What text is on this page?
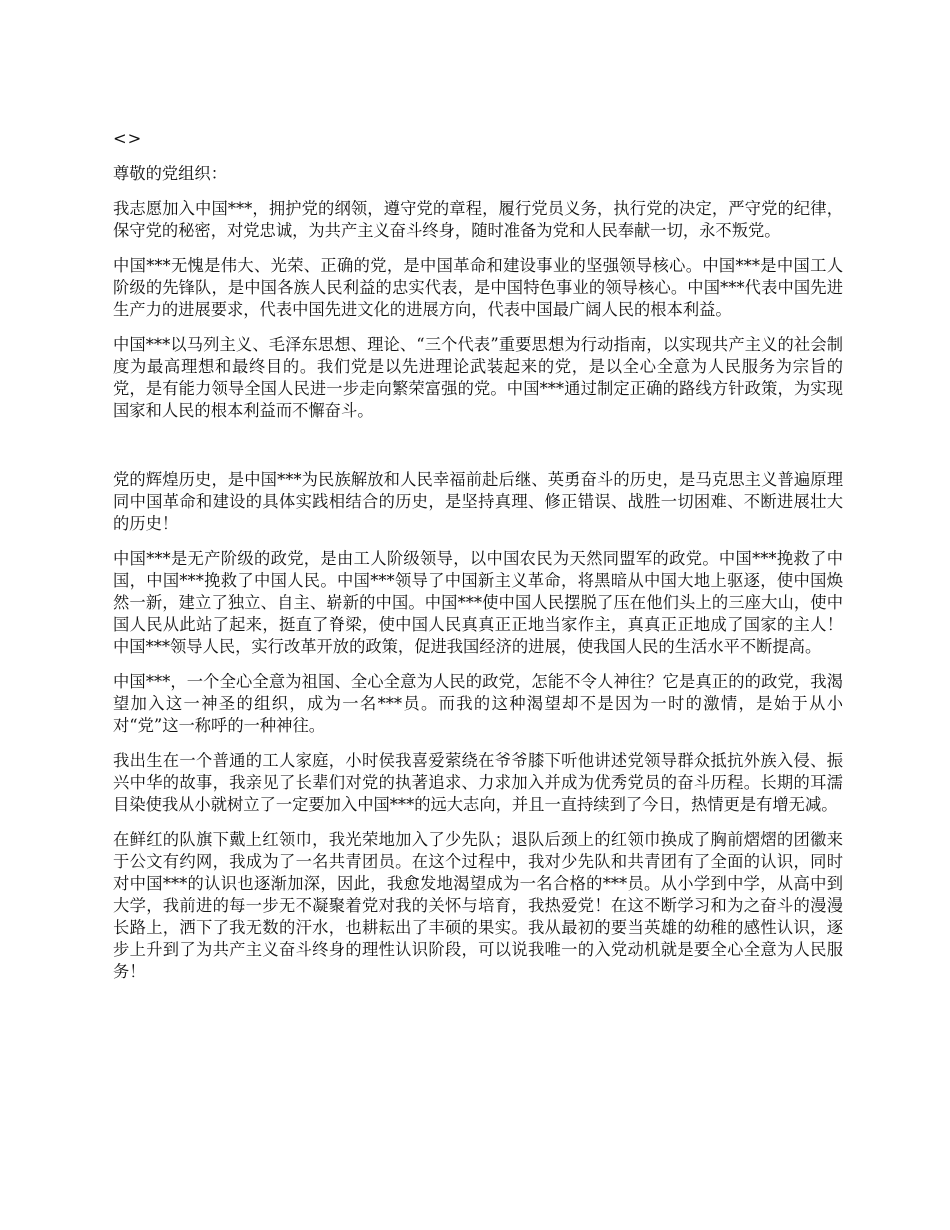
<>

尊敬的党组织：

我志愿加入中国***，拥护党的纲领，遵守党的章程，履行党员义务，执行党的决定，严守党的纪律，保守党的秘密，对党忠诚，为共产主义奋斗终身，随时准备为党和人民奉献一切，永不叛党。

中国***无愧是伟大、光荣、正确的党，是中国革命和建设事业的坚强领导核心。中国***是中国工人阶级的先锋队，是中国各族人民利益的忠实代表，是中国特色事业的领导核心。中国***代表中国先进生产力的进展要求，代表中国先进文化的进展方向，代表中国最广阔人民的根本利益。

中国***以马列主义、毛泽东思想、理论、“三个代表”重要思想为行动指南，以实现共产主义的社会制度为最高理想和最终目的。我们党是以先进理论武装起来的党，是以全心全意为人民服务为宗旨的党，是有能力领导全国人民进一步走向繁荣富强的党。中国***通过制定正确的路线方针政策，为实现国家和人民的根本利益而不懈奋斗。

党的辉煌历史，是中国***为民族解放和人民幸福前赴后继、英勇奋斗的历史，是马克思主义普遍原理同中国革命和建设的具体实践相结合的历史，是坚持真理、修正错误、战胜一切困难、不断进展壮大的历史！

中国***是无产阶级的政党，是由工人阶级领导，以中国农民为天然同盟军的政党。中国***挽救了中国，中国***挽救了中国人民。中国***领导了中国新主义革命，将黑暗从中国大地上驱逐，使中国焕然一新，建立了独立、自主、崭新的中国。中国***使中国人民摆脱了压在他们头上的三座大山，使中国人民从此站了起来，挺直了脊梁，使中国人民真真正正地当家作主，真真正正地成了国家的主人！中国***领导人民，实行改革开放的政策，促进我国经济的进展，使我国人民的生活水平不断提高。

中国***，一个全心全意为祖国、全心全意为人民的政党，怎能不令人神往？它是真正的的政党，我渴望加入这一神圣的组织，成为一名***员。而我的这种渴望却不是因为一时的激情，是始于从小对“党”这一称呼的一种神往。

我出生在一个普通的工人家庭，小时侯我喜爱萦绕在爷爷膝下听他讲述党领导群众抵抗外族入侵、振兴中华的故事，我亲见了长辈们对党的执著追求、力求加入并成为优秀党员的奋斗历程。长期的耳濡目染使我从小就树立了一定要加入中国***的远大志向，并且一直持续到了今日，热情更是有增无减。

在鲜红的队旗下戴上红领巾，我光荣地加入了少先队；退队后颈上的红领巾换成了胸前熠熠的团徽来于公文有约网，我成为了一名共青团员。在这个过程中，我对少先队和共青团有了全面的认识，同时对中国***的认识也逐渐加深，因此，我愈发地渴望成为一名合格的***员。从小学到中学，从高中到大学，我前进的每一步无不凝聚着党对我的关怀与培育，我热爱党！在这不断学习和为之奋斗的漫漫长路上，洒下了我无数的汗水，也耕耘出了丰硕的果实。我从最初的要当英雄的幼稚的感性认识，逐步上升到了为共产主义奋斗终身的理性认识阶段，可以说我唯一的入党动机就是要全心全意为人民服务！
